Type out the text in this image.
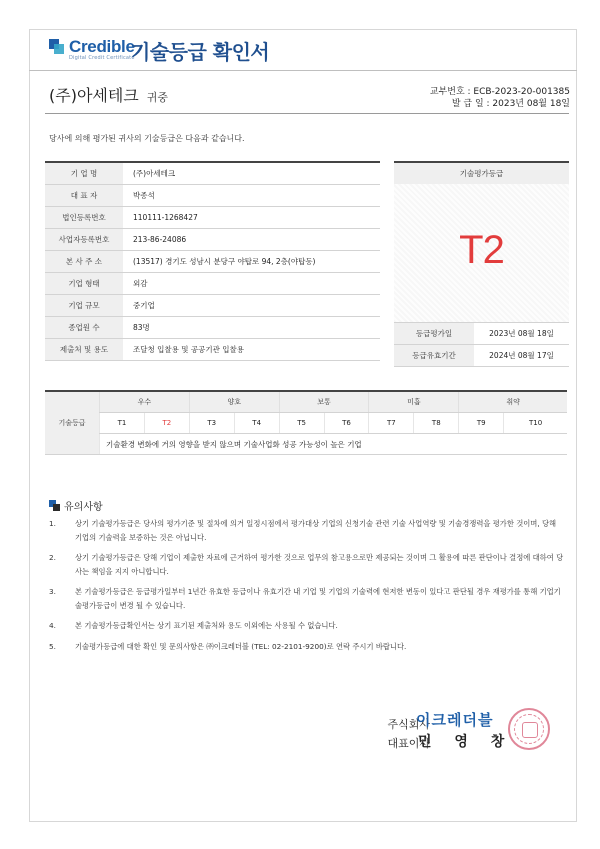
Credible
Digital Credit Certificate
기술등급 확인서
(주)아세테크 귀중	교부번호 : ECB-2023-20-001385
발 급 일 : 2023년 08월 18일
당사에 의해 평가된 귀사의 기술등급은 다음과 같습니다.
기 업 명	(주)아세테크
대 표 자	박종석
법인등록번호	110111-1268427
사업자등록번호	213-86-24086
본 사 주 소	(13517) 경기도 성남시 분당구 야탑로 94, 2층(야탑동)
기업 형태	외감
기업 규모	중기업
종업원 수	83명
제출처 및 용도	조달청 입찰용 및 공공기관 입찰용
기술평가등급
T2
등급평가일	2023년 08월 18일
등급유효기간	2024년 08월 17일
기술등급	우수		양호		보통		미흡		취약	
	T1	T2	T3	T4	T5	T6	T7	T8	T9	T10
	기술환경 변화에 거의 영향을 받지 않으며 기술사업화 성공 가능성이 높은 기업									
유의사항
1.	상기 기술평가등급은 당사의 평가기준 및 절차에 의거 일정시점에서 평가대상 기업의 신청기술 관련 기술 사업역량 및 기술경쟁력을 평가한 것이며, 당해 기업의 기술력을 보증하는 것은 아닙니다.
2.	상기 기술평가등급은 당해 기업이 제출한 자료에 근거하여 평가한 것으로 업무의 참고용으로만 제공되는 것이며 그 활용에 따른 판단이나 결정에 대하여 당사는 책임을 지지 아니합니다.
3.	본 기술평가등급은 등급평가일부터 1년간 유효한 등급이나 유효기간 내 기업 및 기업의 기술력에 현저한 변동이 있다고 판단될 경우 재평가를 통해 기업기술평가등급이 변경 될 수 있습니다.
4.	본 기술평가등급확인서는 상기 표기된 제출처와 용도 이외에는 사용될 수 없습니다.
5.	기술평가등급에 대한 확인 및 문의사항은 ㈜이크레더블 (TEL: 02-2101-9200)로 연락 주시기 바랍니다.
주식회사
대표이사
이크레더블
민 영 창
